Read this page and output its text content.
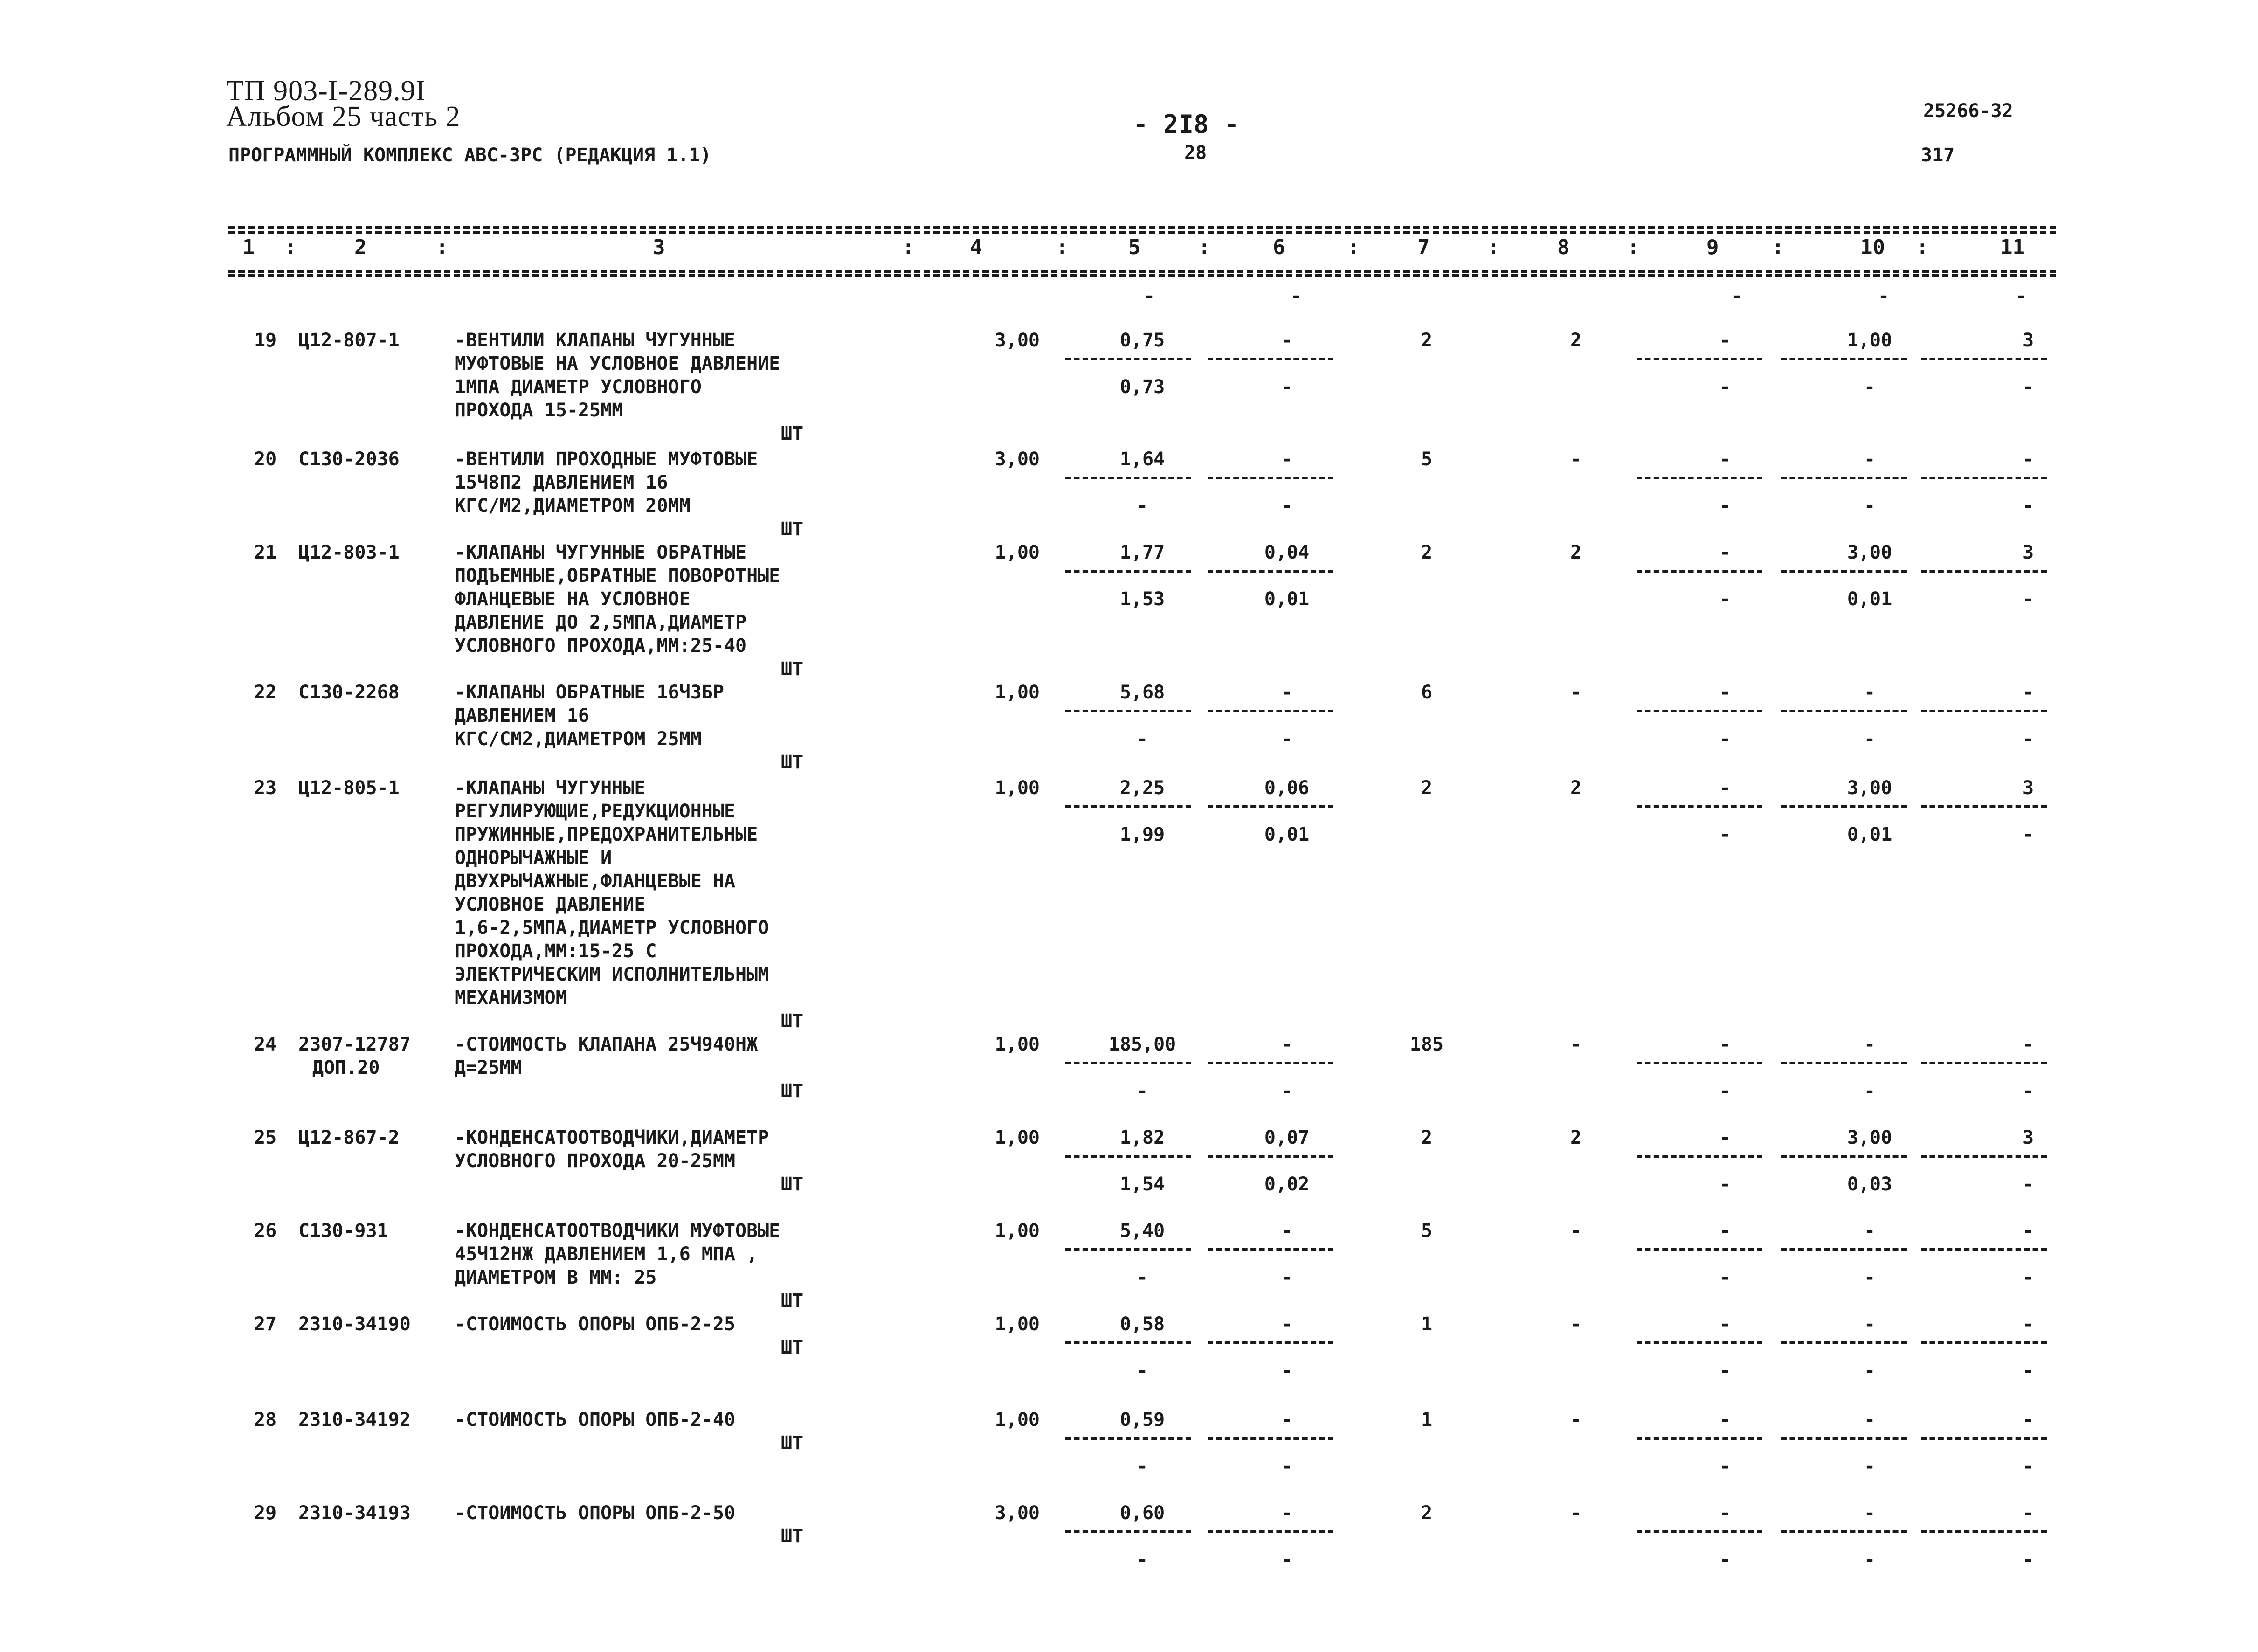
ТП 903-I-289.9I
Альбом 25 часть 2	- 2I8 -
28
ПРОГРАММНЫЙ КОМПЛЕКС АВС-3РС (РЕДАКЦИЯ 1.1)
25266-32
317
1	2	3	4	5	6	7	8	9	10	11
:	:	:	:	:	:	:	:	:	:
-	-	-	-	-
19 Ц12-807-1	-ВЕНТИЛИ КЛАПАНЫ ЧУГУННЫЕ
МУФТОВЫЕ НА УСЛОВНОЕ ДАВЛЕНИЕ
1МПА ДИАМЕТР УСЛОВНОГО
ПРОХОДА 15-25ММ
ШТ
3,00	0,75	-	2	2	-	1,00	3
0,73	-	-	-	-
20 С130-2036	-ВЕНТИЛИ ПРОХОДНЫЕ МУФТОВЫЕ
15Ч8П2 ДАВЛЕНИЕМ 16
КГС/М2,ДИАМЕТРОМ 20ММ
ШТ
3,00	1,64	-	5	-	-	-	-
-	-	-	-	-
21 Ц12-803-1	-КЛАПАНЫ ЧУГУННЫЕ ОБРАТНЫЕ
ПОДЪЕМНЫЕ,ОБРАТНЫЕ ПОВОРОТНЫЕ
ФЛАНЦЕВЫЕ НА УСЛОВНОЕ
ДАВЛЕНИЕ ДО 2,5МПА,ДИАМЕТР
УСЛОВНОГО ПРОХОДА,ММ:25-40
ШТ
1,00	1,77	0,04	2	2	-	3,00	3
1,53	0,01	-	0,01	-
22 С130-2268	-КЛАПАНЫ ОБРАТНЫЕ 16Ч3БР
ДАВЛЕНИЕМ 16
КГС/СМ2,ДИАМЕТРОМ 25ММ
ШТ
1,00	5,68	-	6	-	-	-	-
-	-	-	-	-
23 Ц12-805-1	-КЛАПАНЫ ЧУГУННЫЕ
РЕГУЛИРУЮЩИЕ,РЕДУКЦИОННЫЕ
ПРУЖИННЫЕ,ПРЕДОХРАНИТЕЛЬНЫЕ
ОДНОРЫЧАЖНЫЕ И
ДВУХРЫЧАЖНЫЕ,ФЛАНЦЕВЫЕ НА
УСЛОВНОЕ ДАВЛЕНИЕ
1,6-2,5МПА,ДИАМЕТР УСЛОВНОГО
ПРОХОДА,ММ:15-25 С
ЭЛЕКТРИЧЕСКИМ ИСПОЛНИТЕЛЬНЫМ
МЕХАНИЗМОМ
ШТ
1,00	2,25	0,06	2	2	-	3,00	3
1,99	0,01	-	0,01	-
24 2307-12787
ДОП.20
-СТОИМОСТЬ КЛАПАНА 25Ч940НЖ
Д=25ММ
ШТ
1,00	185,00	-	185	-	-	-	-
-	-	-	-	-
25 Ц12-867-2	-КОНДЕНСАТООТВОДЧИКИ,ДИАМЕТР
УСЛОВНОГО ПРОХОДА 20-25ММ
ШТ
1,00	1,82	0,07	2	2	-	3,00	3
1,54	0,02	-	0,03	-
26 С130-931	-КОНДЕНСАТООТВОДЧИКИ МУФТОВЫЕ
45Ч12НЖ ДАВЛЕНИЕМ 1,6 МПА ,
ДИАМЕТРОМ В ММ: 25
ШТ
1,00	5,40	-	5	-	-	-	-
-	-	-	-	-
27 2310-34190 -СТОИМОСТЬ ОПОРЫ ОПБ-2-25
ШТ
1,00	0,58	-	1	-	-	-	-
-	-	-	-	-
28 2310-34192 -СТОИМОСТЬ ОПОРЫ ОПБ-2-40
ШТ
1,00	0,59	-	1	-	-	-	-
-	-	-	-	-
29 2310-34193 -СТОИМОСТЬ ОПОРЫ ОПБ-2-50
ШТ
3,00	0,60	-	2	-	-	-	-
-	-	-	-	-
